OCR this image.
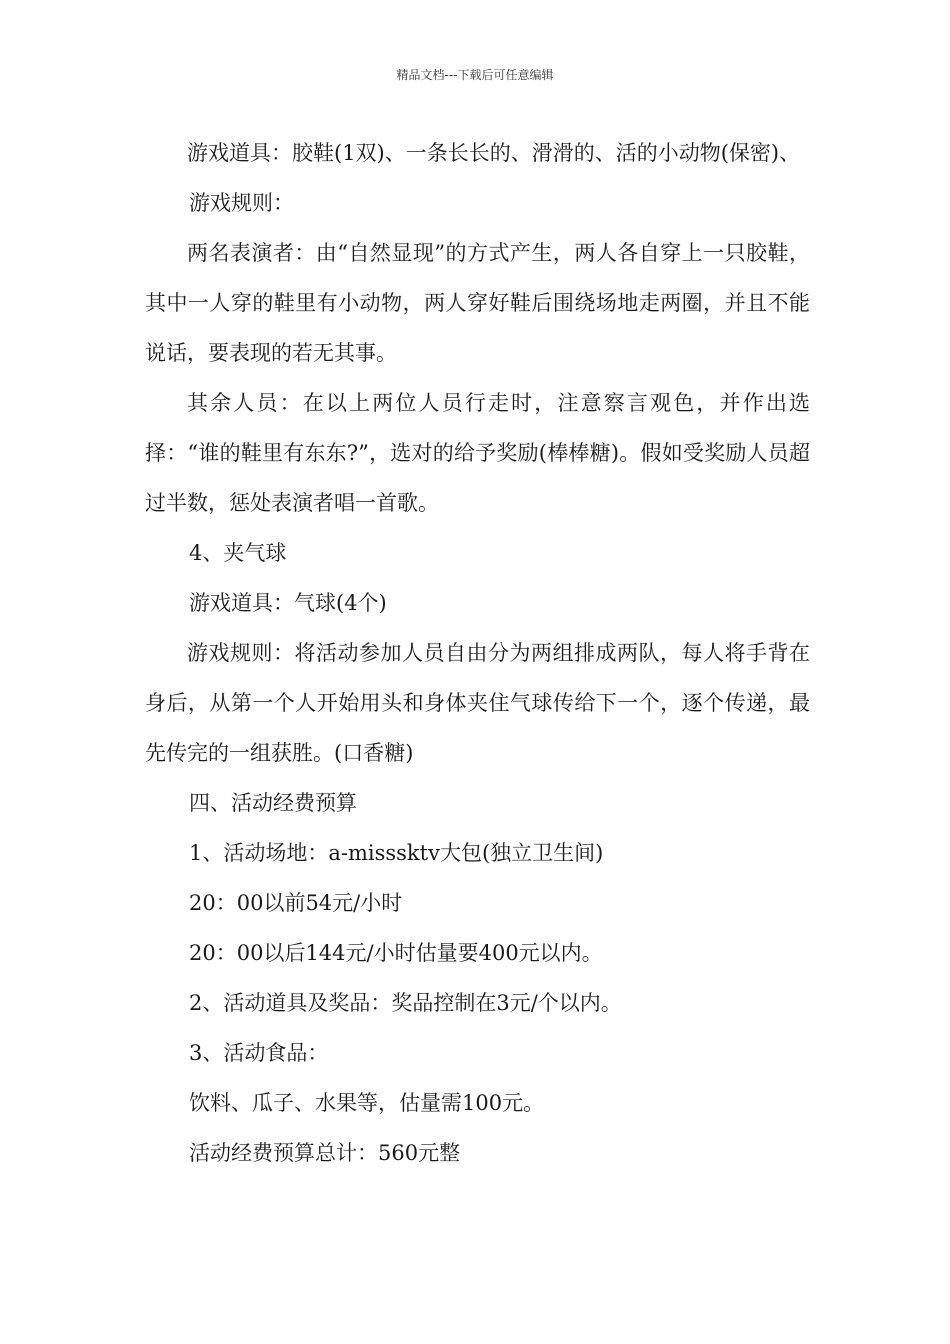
精品文档---下载后可任意编辑

游戏道具：胶鞋(1双)、一条长长的、滑滑的、活的小动物(保密)、

游戏规则：

两名表演者：由“自然显现”的方式产生，两人各自穿上一只胶鞋，其中一人穿的鞋里有小动物，两人穿好鞋后围绕场地走两圈，并且不能说话，要表现的若无其事。

其余人员：在以上两位人员行走时，注意察言观色，并作出选择：“谁的鞋里有东东?”，选对的给予奖励(棒棒糖)。假如受奖励人员超过半数，惩处表演者唱一首歌。

4、夹气球

游戏道具：气球(4个)

游戏规则：将活动参加人员自由分为两组排成两队，每人将手背在身后，从第一个人开始用头和身体夹住气球传给下一个，逐个传递，最先传完的一组获胜。(口香糖)

四、活动经费预算

1、活动场地：a-misssktv大包(独立卫生间)

20：00以前54元/小时

20：00以后144元/小时估量要400元以内。

2、活动道具及奖品：奖品控制在3元/个以内。

3、活动食品：

饮料、瓜子、水果等，估量需100元。

活动经费预算总计：560元整
